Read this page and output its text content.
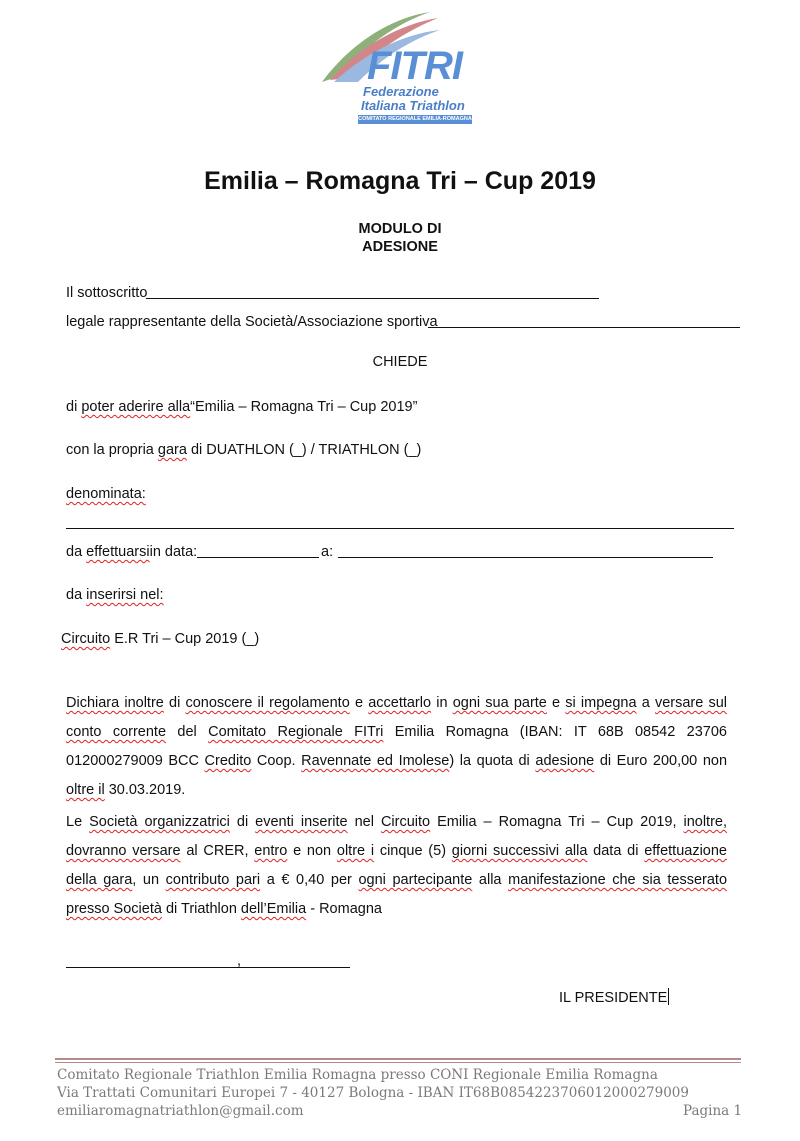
FITRI
Federazione
Italiana Triathlon
COMITATO REGIONALE EMILIA-ROMAGNA
Emilia – Romagna Tri – Cup 2019
MODULO DI
ADESIONE
Il sottoscritto
legale rappresentante della Società/Associazione sportiva
CHIEDE
di poter aderire alla“Emilia – Romagna Tri – Cup 2019”
con la propria gara di DUATHLON (_) / TRIATHLON (_)
denominata:
da effettuarsiin data:	a:
da inserirsi nel:
Circuito E.R Tri – Cup 2019 (_)
Dichiara inoltre di conoscere il regolamento e accettarlo in ogni sua parte e si impegna a versare sul conto corrente del Comitato Regionale FITri Emilia Romagna (IBAN: IT 68B 08542 23706 012000279009 BCC Credito Coop. Ravennate ed Imolese) la quota di adesione di Euro 200,00 non oltre il 30.03.2019.
Le Società organizzatrici di eventi inserite nel Circuito Emilia – Romagna Tri – Cup 2019, inoltre, dovranno versare al CRER, entro e non oltre i cinque (5) giorni successivi alla data di effettuazione della gara, un contributo pari a € 0,40 per ogni partecipante alla manifestazione che sia tesserato presso Società di Triathlon dell’Emilia - Romagna
,
IL PRESIDENTE
Comitato Regionale Triathlon Emilia Romagna presso CONI Regionale Emilia Romagna
Via Trattati Comunitari Europei 7 - 40127 Bologna - IBAN IT68B0854223706012000279009
emiliaromagnatriathlon@gmail.com	Pagina 1
